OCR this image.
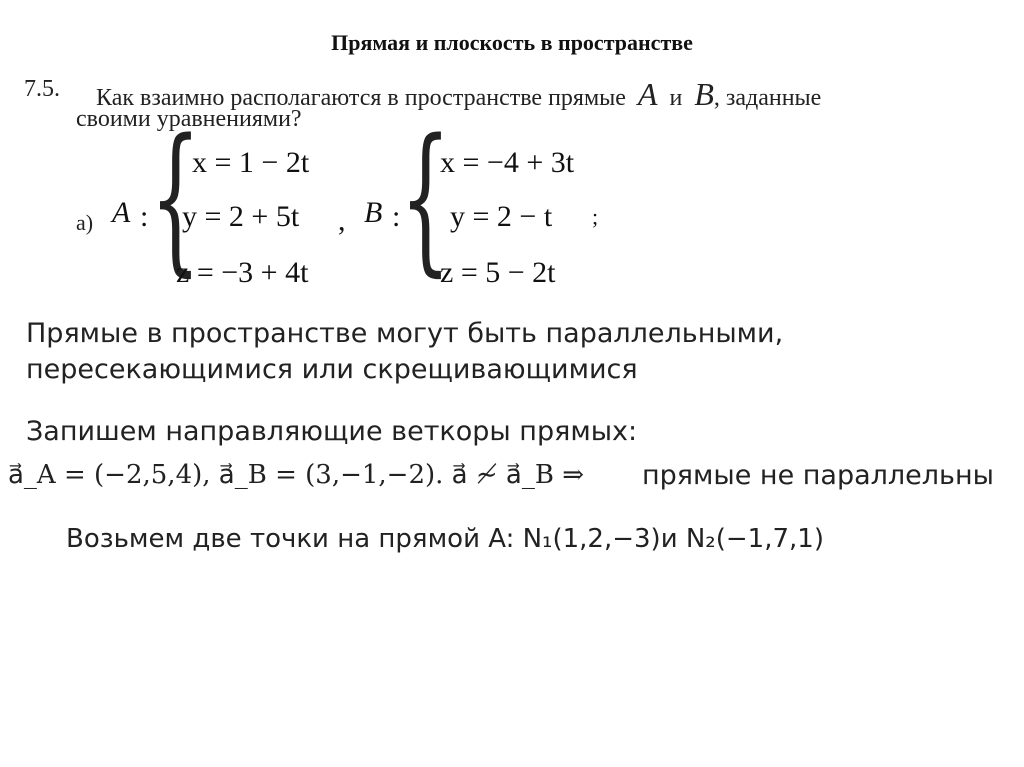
Прямая и плоскость в пространстве
7.5. Как взаимно располагаются в пространстве прямые A и B, заданные
своими уравнениями?
а) A : {
x = 1 − 2t
y = 2 + 5t
z = −3 + 4t
, B : {
x = −4 + 3t
y = 2 − t
z = 5 − 2t
;
Прямые в пространстве могут быть параллельными,
пересекающимися или скрещивающимися
Запишем направляющие веткоры прямых:
a⃗_A = (−2,5,4), a⃗_B = (3,−1,−2). a⃗ ≁ a⃗_B ⇒ прямые не параллельны
Возьмем две точки на прямой A: N₁(1,2,−3)и N₂(−1,7,1)
